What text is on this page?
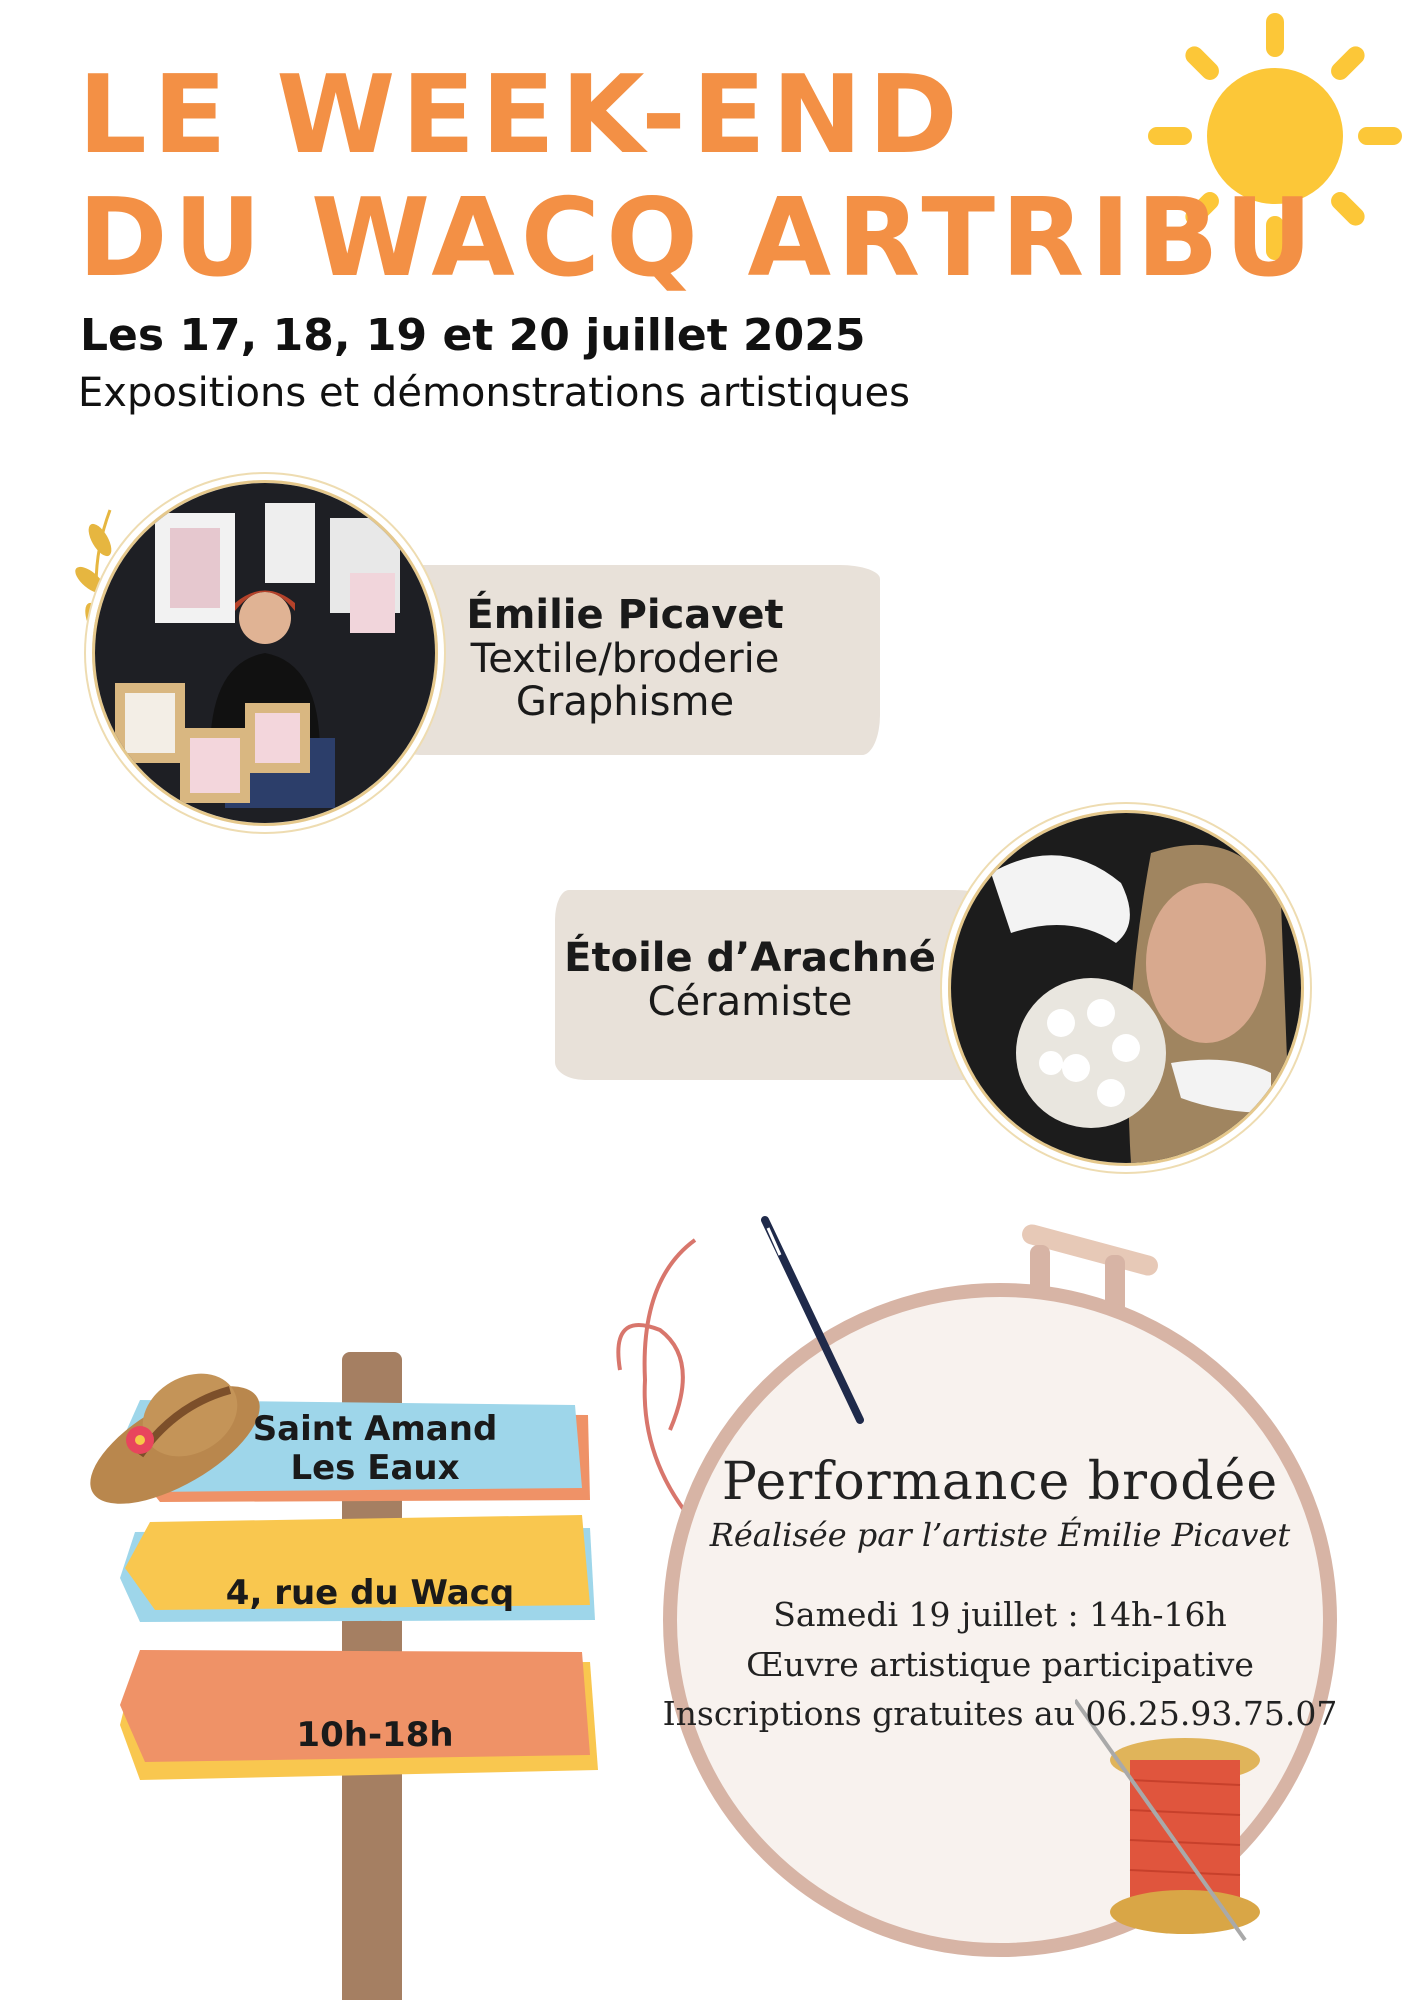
LE WEEK-END
DU WACQ ARTRIBU
Les 17, 18, 19 et 20 juillet 2025
Expositions et démonstrations artistiques
Émilie Picavet
Textile/broderie
Graphisme
Étoile d’Arachné
Céramiste
Saint Amand
Les Eaux
4, rue du Wacq
10h-18h
Performance brodée
Réalisée par l’artiste Émilie Picavet
Samedi 19 juillet : 14h-16h
Œuvre artistique participative
Inscriptions gratuites au 06.25.93.75.07
